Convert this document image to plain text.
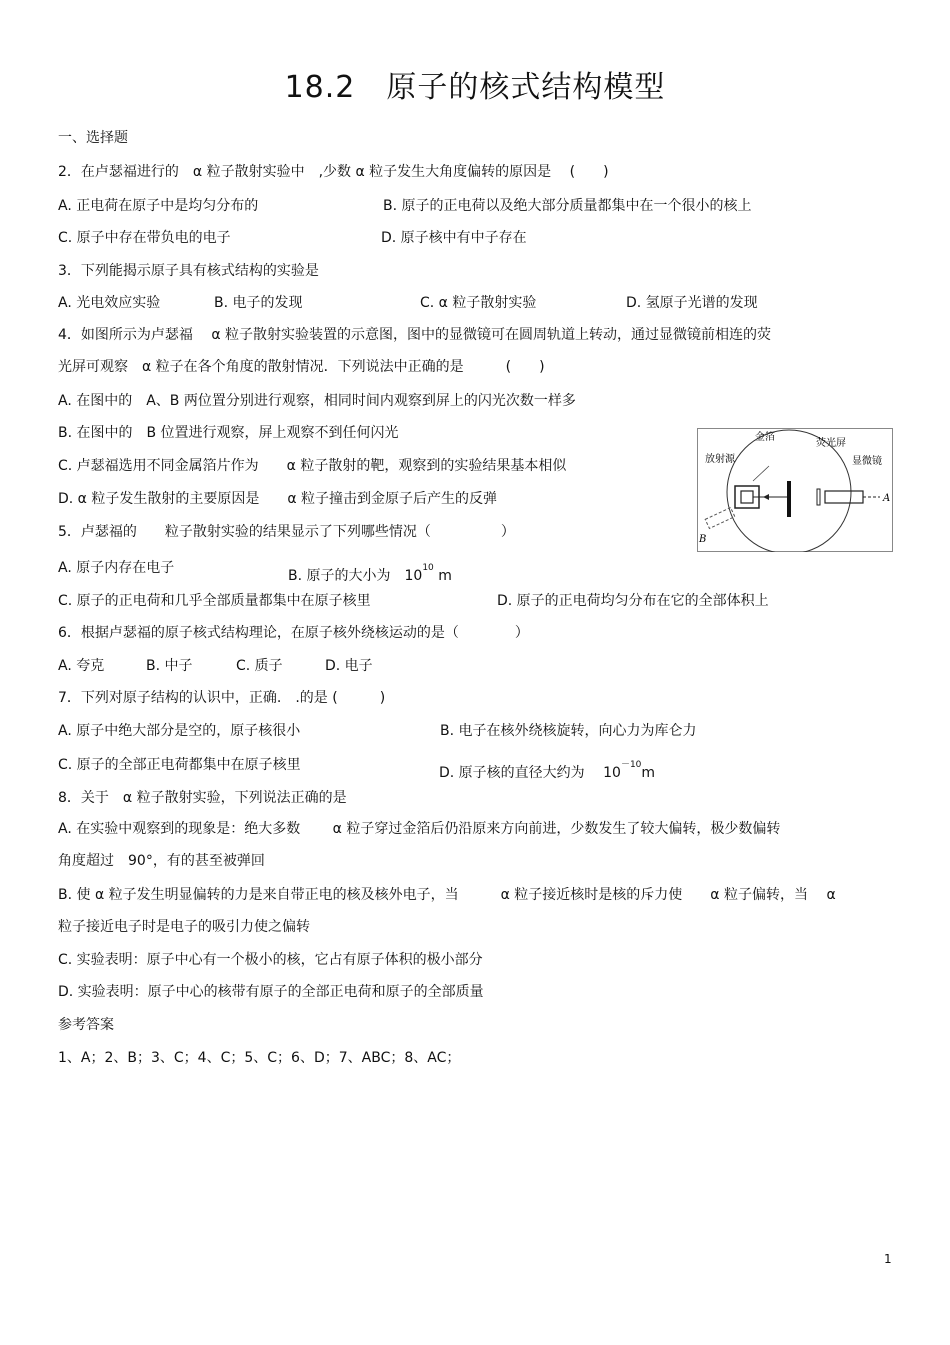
18.2　原子的核式结构模型
一、选择题
2．在卢瑟福进行的　α 粒子散射实验中　,少数 α 粒子发生大角度偏转的原因是　 (　　)
A. 正电荷在原子中是均匀分布的	B. 原子的正电荷以及绝大部分质量都集中在一个很小的核上
C. 原子中存在带负电的电子	D. 原子核中有中子存在
3．下列能揭示原子具有核式结构的实验是
A. 光电效应实验	B. 电子的发现	C. α 粒子散射实验	D. 氢原子光谱的发现
4．如图所示为卢瑟福　 α 粒子散射实验装置的示意图，图中的显微镜可在圆周轨道上转动，通过显微镜前相连的荧
光屏可观察　α 粒子在各个角度的散射情况．下列说法中正确的是　　　(　　)
A. 在图中的　A、B 两位置分别进行观察，相同时间内观察到屏上的闪光次数一样多
B. 在图中的　B 位置进行观察，屏上观察不到任何闪光
C. 卢瑟福选用不同金属箔片作为　　α 粒子散射的靶，观察到的实验结果基本相似
D. α 粒子发生散射的主要原因是　　α 粒子撞击到金原子后产生的反弹
放射源
金箔
荧光屏
显微镜
A
B
5．卢瑟福的　　粒子散射实验的结果显示了下列哪些情况（　　　　　）
A. 原子内存在电子	B. 原子的大小为　$10^{10}$ m
C. 原子的正电荷和几乎全部质量都集中在原子核里	D. 原子的正电荷均匀分布在它的全部体积上
6．根据卢瑟福的原子核式结构理论，在原子核外绕核运动的是（　　　　）
A. 夸克	B. 中子	C. 质子	D. 电子
7．下列对原子结构的认识中，正确.　.的是 (　　　)
A. 原子中绝大部分是空的，原子核很小	B. 电子在核外绕核旋转，向心力为库仑力
C. 原子的全部正电荷都集中在原子核里	D. 原子核的直径大约为　 $10^{-10}m$
8．关于　α 粒子散射实验，下列说法正确的是
A. 在实验中观察到的现象是：绝大多数　　 α 粒子穿过金箔后仍沿原来方向前进，少数发生了较大偏转，极少数偏转
角度超过　90°，有的甚至被弹回
B. 使 α 粒子发生明显偏转的力是来自带正电的核及核外电子，当　　　α 粒子接近核时是核的斥力使　　α 粒子偏转，当　 α
粒子接近电子时是电子的吸引力使之偏转
C. 实验表明：原子中心有一个极小的核，它占有原子体积的极小部分
D. 实验表明：原子中心的核带有原子的全部正电荷和原子的全部质量
参考答案
1、A；2、B；3、C；4、C；5、C；6、D；7、ABC；8、AC；
1
